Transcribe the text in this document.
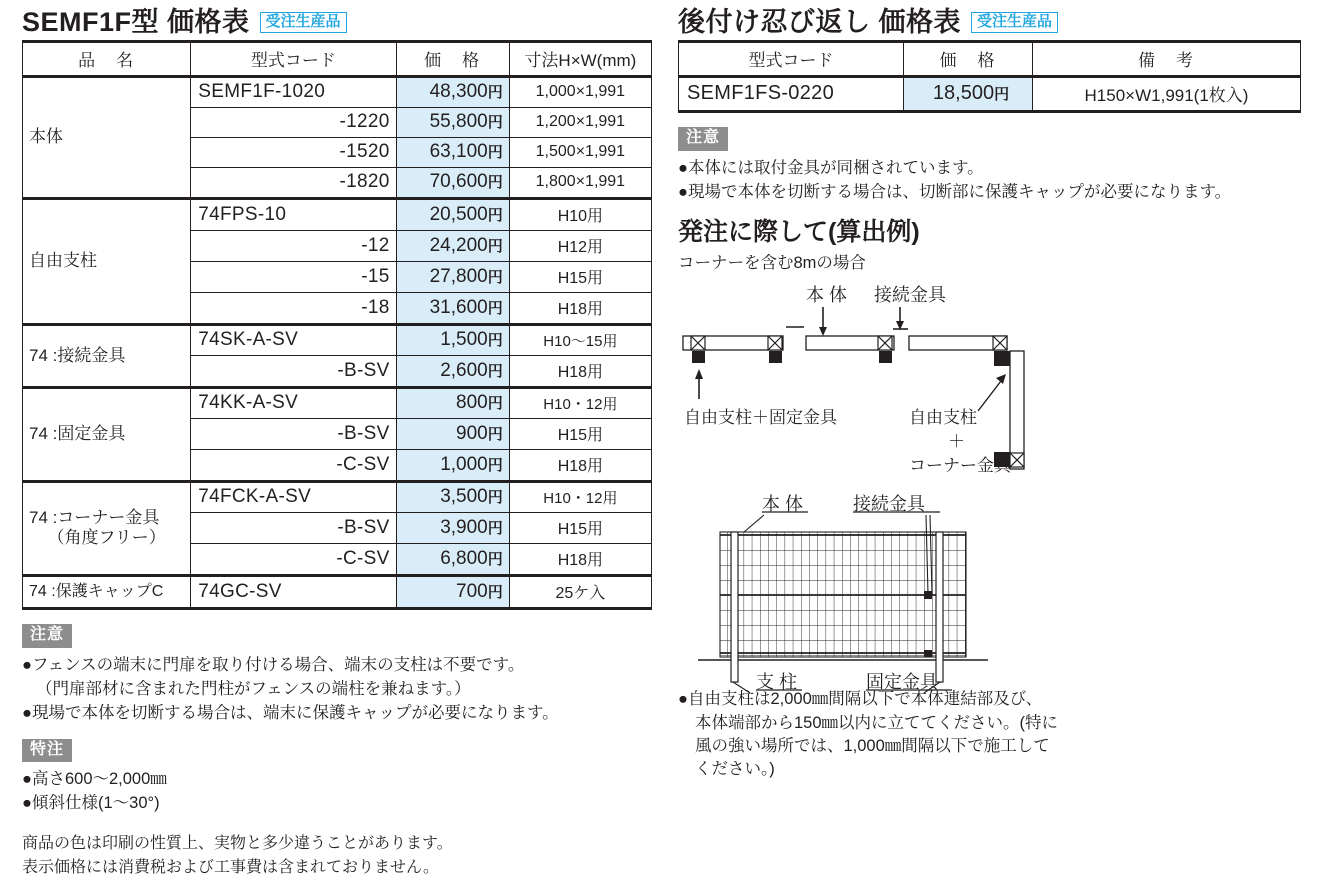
SEMF1F型 価格表	受注生産品
品　名	型式コード	価　格	寸法H×W(mm)
本体	SEMF1F-1020	48,300円	1,000×1,991
	-1220	55,800円	1,200×1,991
	-1520	63,100円	1,500×1,991
	-1820	70,600円	1,800×1,991
自由支柱	74FPS-10	20,500円	H10用
	-12	24,200円	H12用
	-15	27,800円	H15用
	-18	31,600円	H18用
74 :接続金具	74SK-A-SV	1,500円	H10〜15用
	-B-SV	2,600円	H18用
74 :固定金具	74KK-A-SV	800円	H10・12用
	-B-SV	900円	H15用
	-C-SV	1,000円	H18用

74 :コーナー金具
（角度フリー）	74FCK-A-SV	3,500円	H10・12用
	-B-SV	3,900円	H15用
	-C-SV	6,800円	H18用
74 :保護キャップC	74GC-SV	700円	25ケ入
注意
●フェンスの端末に門扉を取り付ける場合、端末の支柱は不要です。
（門扉部材に含まれた門柱がフェンスの端柱を兼ねます。）
●現場で本体を切断する場合は、端末に保護キャップが必要になります。
特注
●高さ600〜2,000㎜
●傾斜仕様(1〜30°)
商品の色は印刷の性質上、実物と多少違うことがあります。
表示価格には消費税および工事費は含まれておりません。
後付け忍び返し 価格表	受注生産品
型式コード	価　格	備　考
SEMF1FS-0220	18,500円	H150×W1,991(1枚入)
注意
●本体には取付金具が同梱されています。
●現場で本体を切断する場合は、切断部に保護キャップが必要になります。
発注に際して(算出例)
コーナーを含む8mの場合
本 体 接続金具
自由支柱＋固定金具	自由支柱
＋
コーナー金具
本 体	接続金具
支 柱	固定金具
●自由支柱は2,000㎜間隔以下で本体連結部及び、
本体端部から150㎜以内に立ててください。(特に
風の強い場所では、1,000㎜間隔以下で施工して
ください。)
